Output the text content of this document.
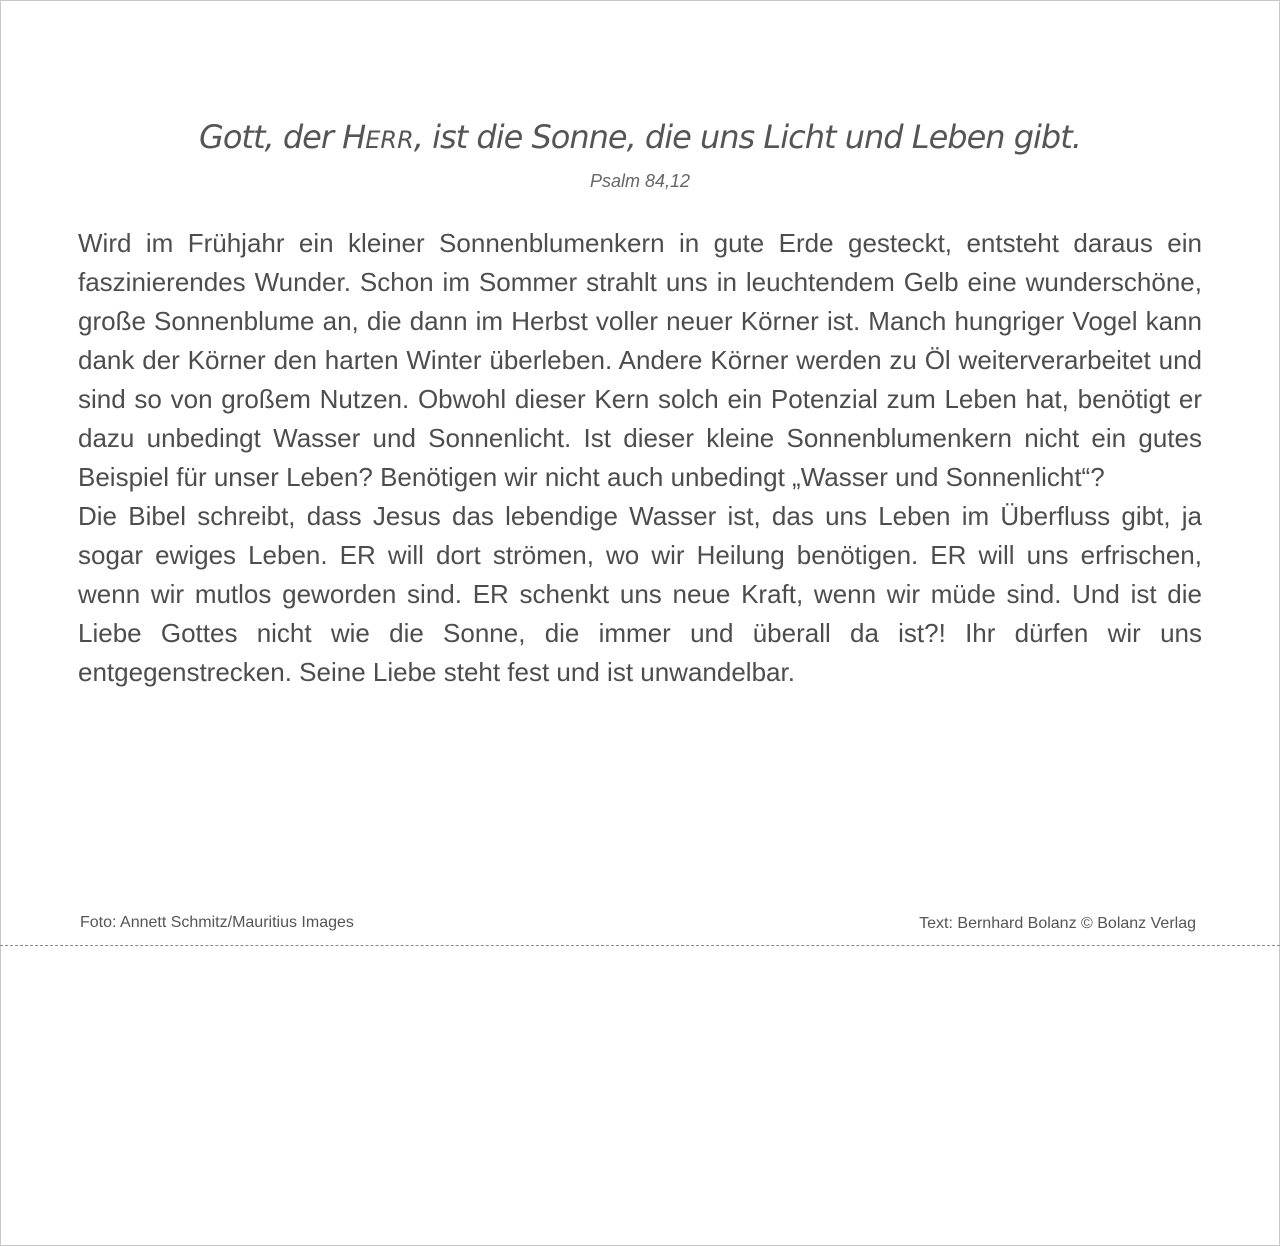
Gott, der HERR, ist die Sonne, die uns Licht und Leben gibt.
Psalm 84,12

Wird im Frühjahr ein kleiner Sonnenblumenkern in gute Erde gesteckt, entsteht daraus ein faszinierendes Wunder. Schon im Sommer strahlt uns in leuchtendem Gelb eine wunderschöne, große Sonnenblume an, die dann im Herbst voller neuer Körner ist. Manch hungriger Vogel kann dank der Körner den harten Winter überleben. Andere Körner werden zu Öl weiterverarbeitet und sind so von großem Nutzen. Obwohl dieser Kern solch ein Potenzial zum Leben hat, benötigt er dazu unbedingt Wasser und Sonnenlicht. Ist dieser kleine Sonnenblumenkern nicht ein gutes Beispiel für unser Leben? Benötigen wir nicht auch unbedingt „Wasser und Sonnenlicht“?

Die Bibel schreibt, dass Jesus das lebendige Wasser ist, das uns Leben im Überfluss gibt, ja sogar ewiges Leben. ER will dort strömen, wo wir Heilung benötigen. ER will uns erfrischen, wenn wir mutlos geworden sind. ER schenkt uns neue Kraft, wenn wir müde sind. Und ist die Liebe Gottes nicht wie die Sonne, die immer und überall da ist?! Ihr dürfen wir uns entgegenstrecken. Seine Liebe steht fest und ist unwandelbar.

Foto: Annett Schmitz/Mauritius Images	Text: Bernhard Bolanz © Bolanz Verlag
